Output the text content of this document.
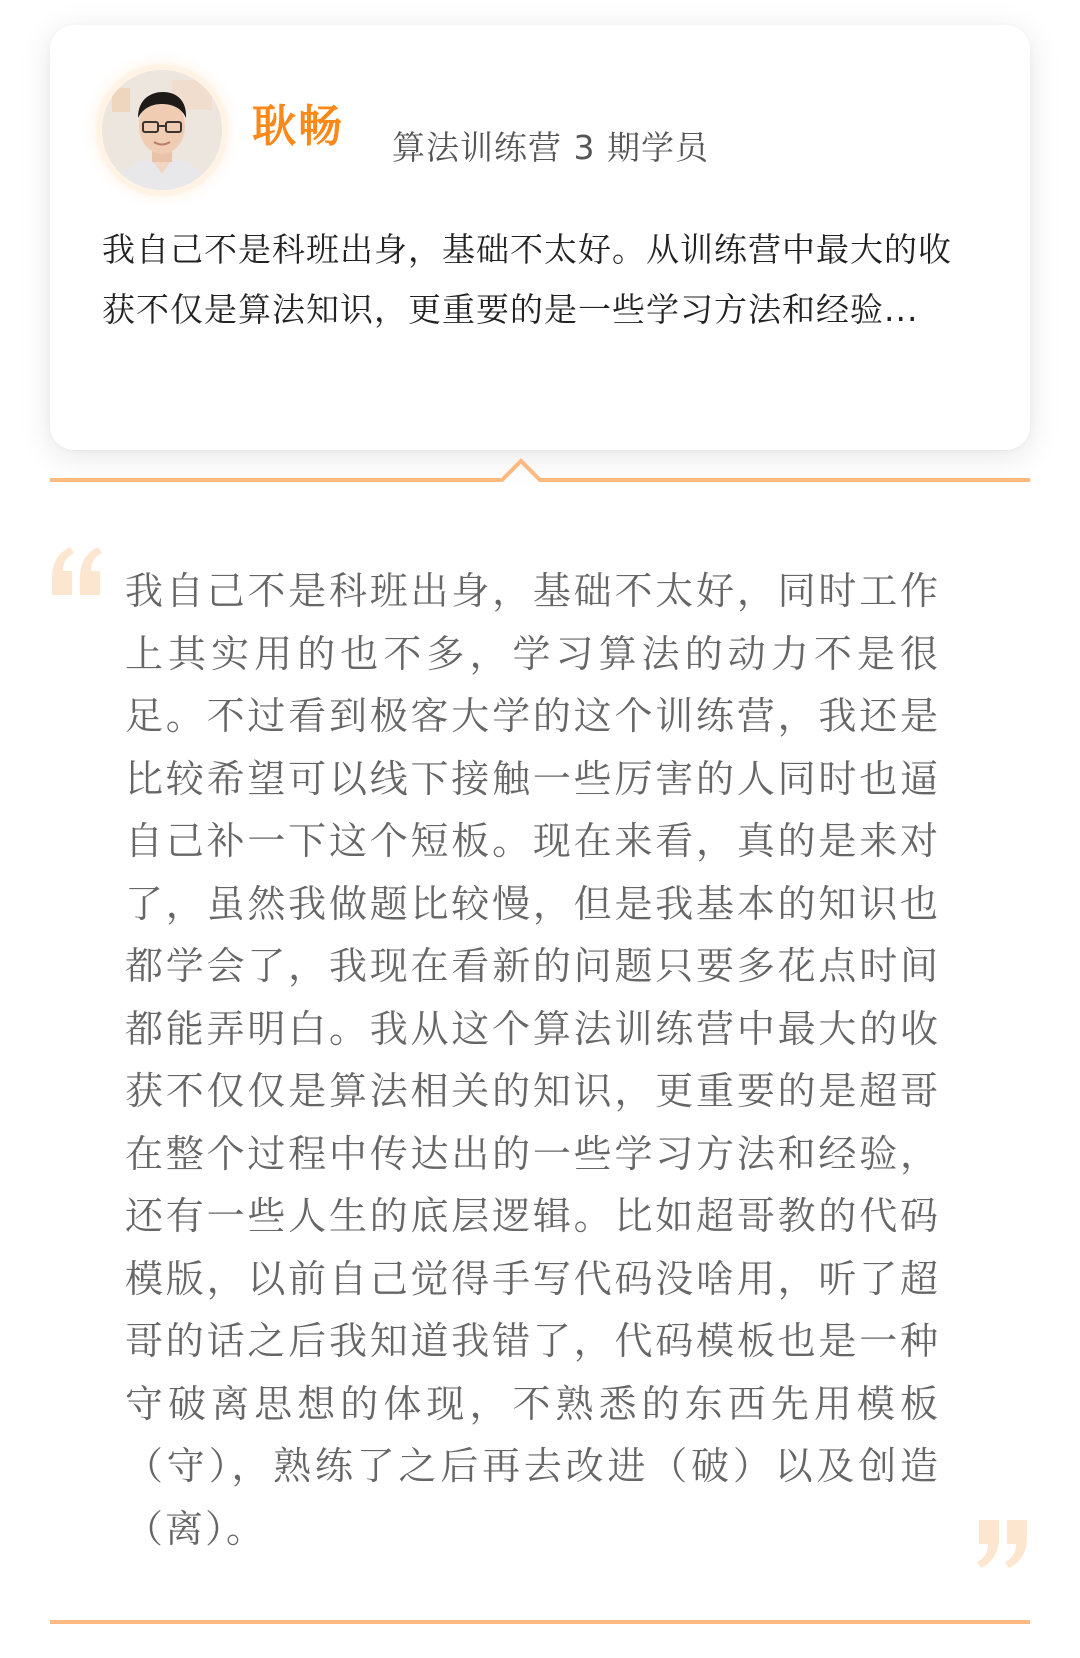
耿畅 算法训练营 3 期学员
我自己不是科班出身，基础不太好。从训练营中最大的收获不仅是算法知识，更重要的是一些学习方法和经验...
我自己不是科班出身，基础不太好，同时工作上其实用的也不多，学习算法的动力不是很足。不过看到极客大学的这个训练营，我还是比较希望可以线下接触一些厉害的人同时也逼自己补一下这个短板。现在来看，真的是来对了，虽然我做题比较慢，但是我基本的知识也都学会了，我现在看新的问题只要多花点时间都能弄明白。我从这个算法训练营中最大的收获不仅仅是算法相关的知识，更重要的是超哥在整个过程中传达出的一些学习方法和经验，还有一些人生的底层逻辑。比如超哥教的代码模版，以前自己觉得手写代码没啥用，听了超哥的话之后我知道我错了，代码模板也是一种守破离思想的体现，不熟悉的东西先用模板（守），熟练了之后再去改进（破）以及创造（离）。
